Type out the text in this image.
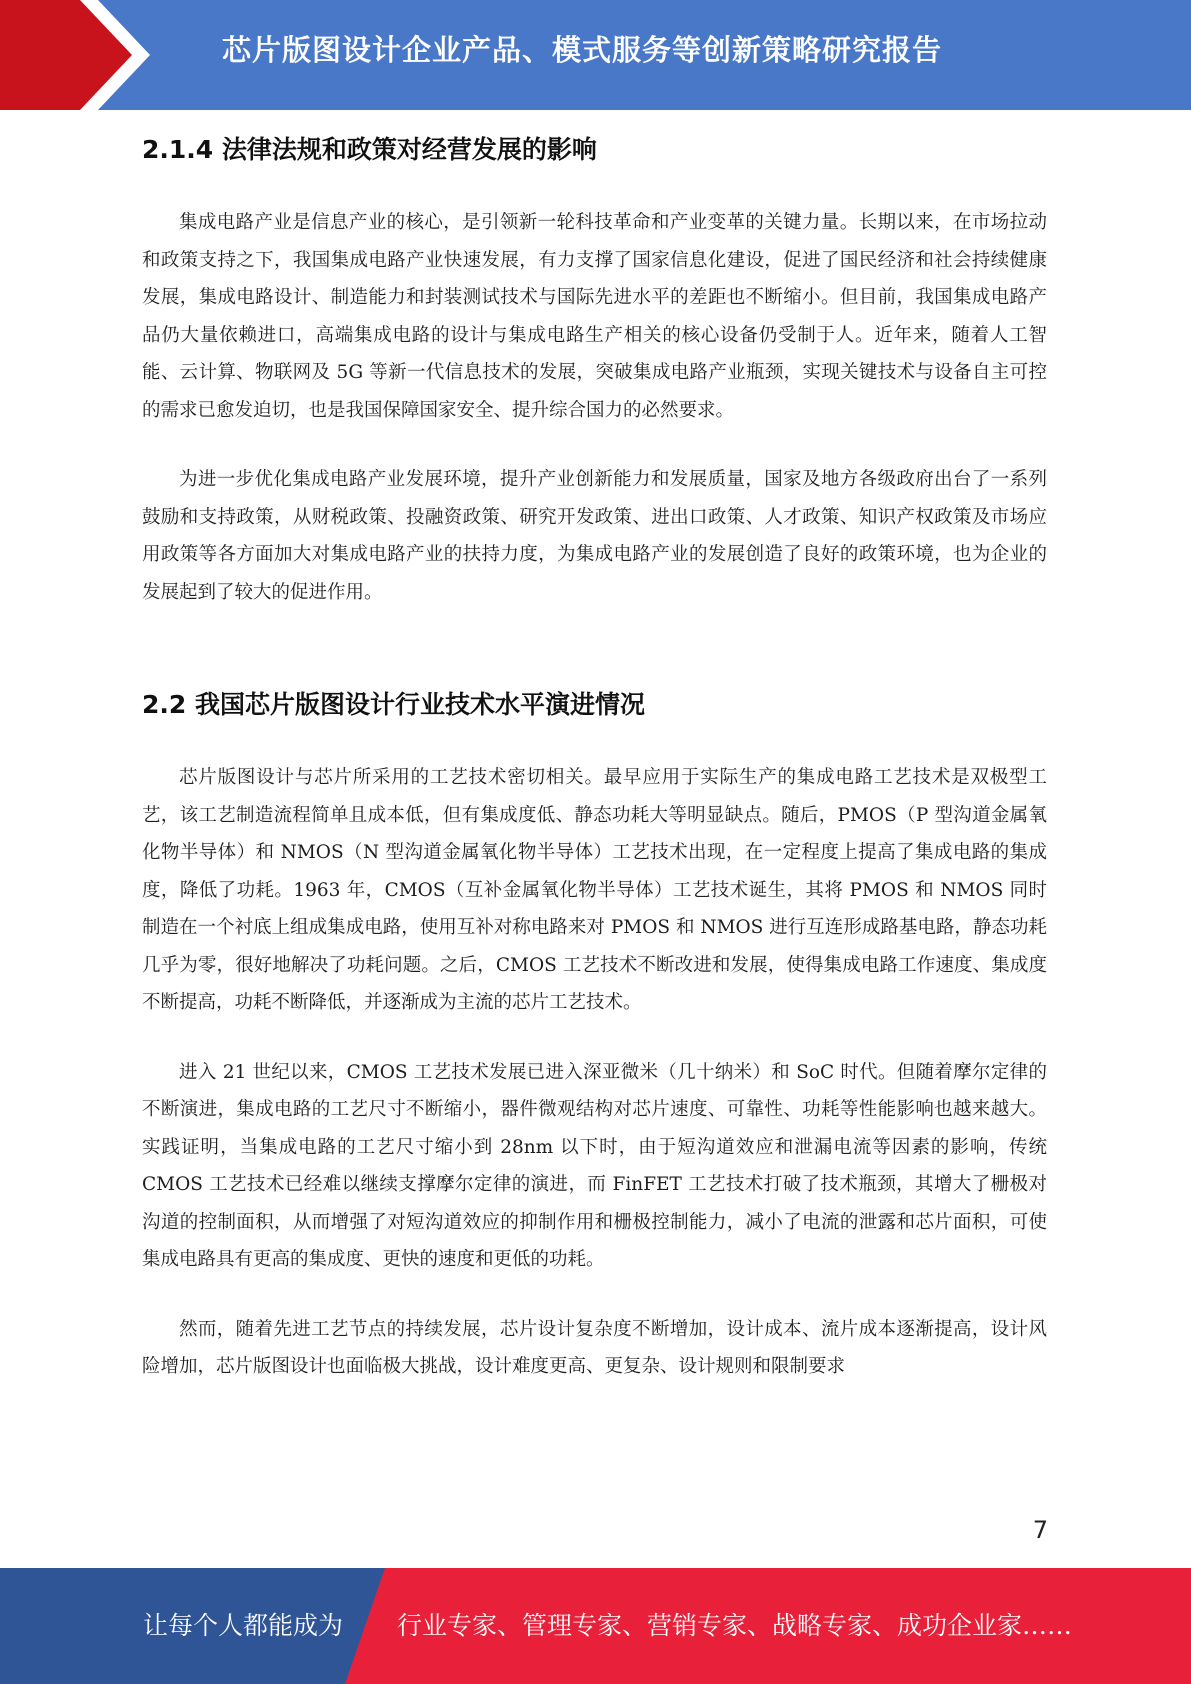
芯片版图设计企业产品、模式服务等创新策略研究报告
2.1.4 法律法规和政策对经营发展的影响

集成电路产业是信息产业的核心，是引领新一轮科技革命和产业变革的关键力量。长期以来，在市场拉动和政策支持之下，我国集成电路产业快速发展，有力支撑了国家信息化建设，促进了国民经济和社会持续健康发展，集成电路设计、制造能力和封装测试技术与国际先进水平的差距也不断缩小。但目前，我国集成电路产品仍大量依赖进口，高端集成电路的设计与集成电路生产相关的核心设备仍受制于人。近年来，随着人工智能、云计算、物联网及 5G 等新一代信息技术的发展，突破集成电路产业瓶颈，实现关键技术与设备自主可控的需求已愈发迫切，也是我国保障国家安全、提升综合国力的必然要求。

为进一步优化集成电路产业发展环境，提升产业创新能力和发展质量，国家及地方各级政府出台了一系列鼓励和支持政策，从财税政策、投融资政策、研究开发政策、进出口政策、人才政策、知识产权政策及市场应用政策等各方面加大对集成电路产业的扶持力度，为集成电路产业的发展创造了良好的政策环境，也为企业的发展起到了较大的促进作用。

2.2 我国芯片版图设计行业技术水平演进情况

芯片版图设计与芯片所采用的工艺技术密切相关。最早应用于实际生产的集成电路工艺技术是双极型工艺，该工艺制造流程简单且成本低，但有集成度低、静态功耗大等明显缺点。随后，PMOS（P 型沟道金属氧化物半导体）和 NMOS（N 型沟道金属氧化物半导体）工艺技术出现，在一定程度上提高了集成电路的集成度，降低了功耗。1963 年，CMOS（互补金属氧化物半导体）工艺技术诞生，其将 PMOS 和 NMOS 同时制造在一个衬底上组成集成电路，使用互补对称电路来对 PMOS 和 NMOS 进行互连形成路基电路，静态功耗几乎为零，很好地解决了功耗问题。之后，CMOS 工艺技术不断改进和发展，使得集成电路工作速度、集成度不断提高，功耗不断降低，并逐渐成为主流的芯片工艺技术。

进入 21 世纪以来，CMOS 工艺技术发展已进入深亚微米（几十纳米）和 SoC 时代。但随着摩尔定律的不断演进，集成电路的工艺尺寸不断缩小，器件微观结构对芯片速度、可靠性、功耗等性能影响也越来越大。实践证明，当集成电路的工艺尺寸缩小到 28nm 以下时，由于短沟道效应和泄漏电流等因素的影响，传统 CMOS 工艺技术已经难以继续支撑摩尔定律的演进，而 FinFET 工艺技术打破了技术瓶颈，其增大了栅极对沟道的控制面积，从而增强了对短沟道效应的抑制作用和栅极控制能力，减小了电流的泄露和芯片面积，可使集成电路具有更高的集成度、更快的速度和更低的功耗。

然而，随着先进工艺节点的持续发展，芯片设计复杂度不断增加，设计成本、流片成本逐渐提高，设计风险增加，芯片版图设计也面临极大挑战，设计难度更高、更复杂、设计规则和限制要求

7
让每个人都能成为 行业专家、管理专家、营销专家、战略专家、成功企业家……
